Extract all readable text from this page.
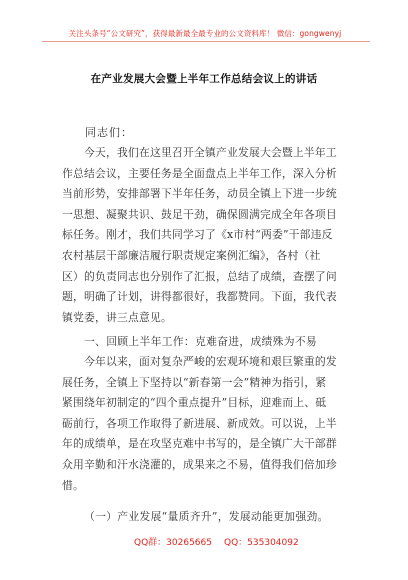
关注头条号“公文研究”，获得最新最全最专业的公文资料库！ 微信：gongwenyj
在产业发展大会暨上半年工作总结会议上的讲话
同志们：
今天，我们在这里召开全镇产业发展大会暨上半年工
作总结会议，主要任务是全面盘点上半年工作，深入分析
当前形势，安排部署下半年任务，动员全镇上下进一步统
一思想、凝聚共识、鼓足干劲，确保圆满完成全年各项目
标任务。刚才，我们共同学习了《x市村“两委”干部违反
农村基层干部廉洁履行职责规定案例汇编》，各村（社
区）的负责同志也分别作了汇报，总结了成绩，查摆了问
题，明确了计划，讲得都很好，我都赞同。下面，我代表
镇党委，讲三点意见。
一、回顾上半年工作：克难奋进，成绩殊为不易
今年以来，面对复杂严峻的宏观环境和艰巨繁重的发
展任务，全镇上下坚持以“新春第一会”精神为指引，紧
紧围绕年初制定的“四个重点提升”目标，迎难而上、砥
砺前行，各项工作取得了新进展、新成效。可以说，上半
年的成绩单，是在攻坚克难中书写的，是全镇广大干部群
众用辛勤和汗水浇灌的，成果来之不易，值得我们倍加珍
惜。
（一）产业发展“量质齐升”，发展动能更加强劲。
QQ群：30265665 QQ：535304092
